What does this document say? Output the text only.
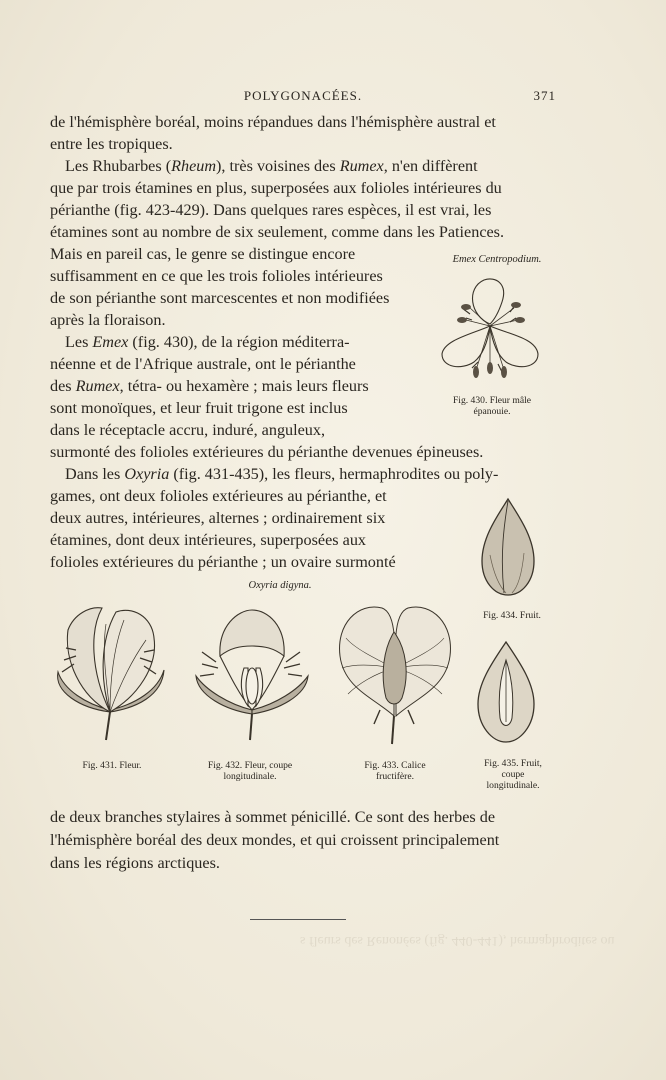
POLYGONACÉES.	371
de l'hémisphère boréal, moins répandues dans l'hémisphère austral et
entre les tropiques.
Les Rhubarbes (Rheum), très voisines des Rumex, n'en diffèrent
que par trois étamines en plus, superposées aux folioles intérieures du
périanthe (fig. 423-429). Dans quelques rares espèces, il est vrai, les
étamines sont au nombre de six seulement, comme dans les Patiences.
Mais en pareil cas, le genre se distingue encore
suffisamment en ce que les trois folioles intérieures
de son périanthe sont marcescentes et non modifiées
après la floraison.
Les Emex (fig. 430), de la région méditerra-
néenne et de l'Afrique australe, ont le périanthe
des Rumex, tétra- ou hexamère ; mais leurs fleurs
sont monoïques, et leur fruit trigone est inclus
dans le réceptacle accru, induré, anguleux,
surmonté des folioles extérieures du périanthe devenues épineuses.
Dans les Oxyria (fig. 431-435), les fleurs, hermaphrodites ou poly-
games, ont deux folioles extérieures au périanthe, et
deux autres, intérieures, alternes ; ordinairement six
étamines, dont deux intérieures, superposées aux
folioles extérieures du périanthe ; un ovaire surmonté
de deux branches stylaires à sommet pénicillé. Ce sont des herbes de
l'hémisphère boréal des deux mondes, et qui croissent principalement
dans les régions arctiques.
Emex Centropodium.
Fig. 430. Fleur mâle
épanouie.
Fig. 434. Fruit.
Fig. 435. Fruit,
coupe
longitudinale.
Oxyria digyna.
Fig. 431. Fleur.	Fig. 432. Fleur, coupe
longitudinale.
Fig. 433. Calice
fructifère.
s fleurs des Renonées (fig. 440-441), hermaphrodites ou
